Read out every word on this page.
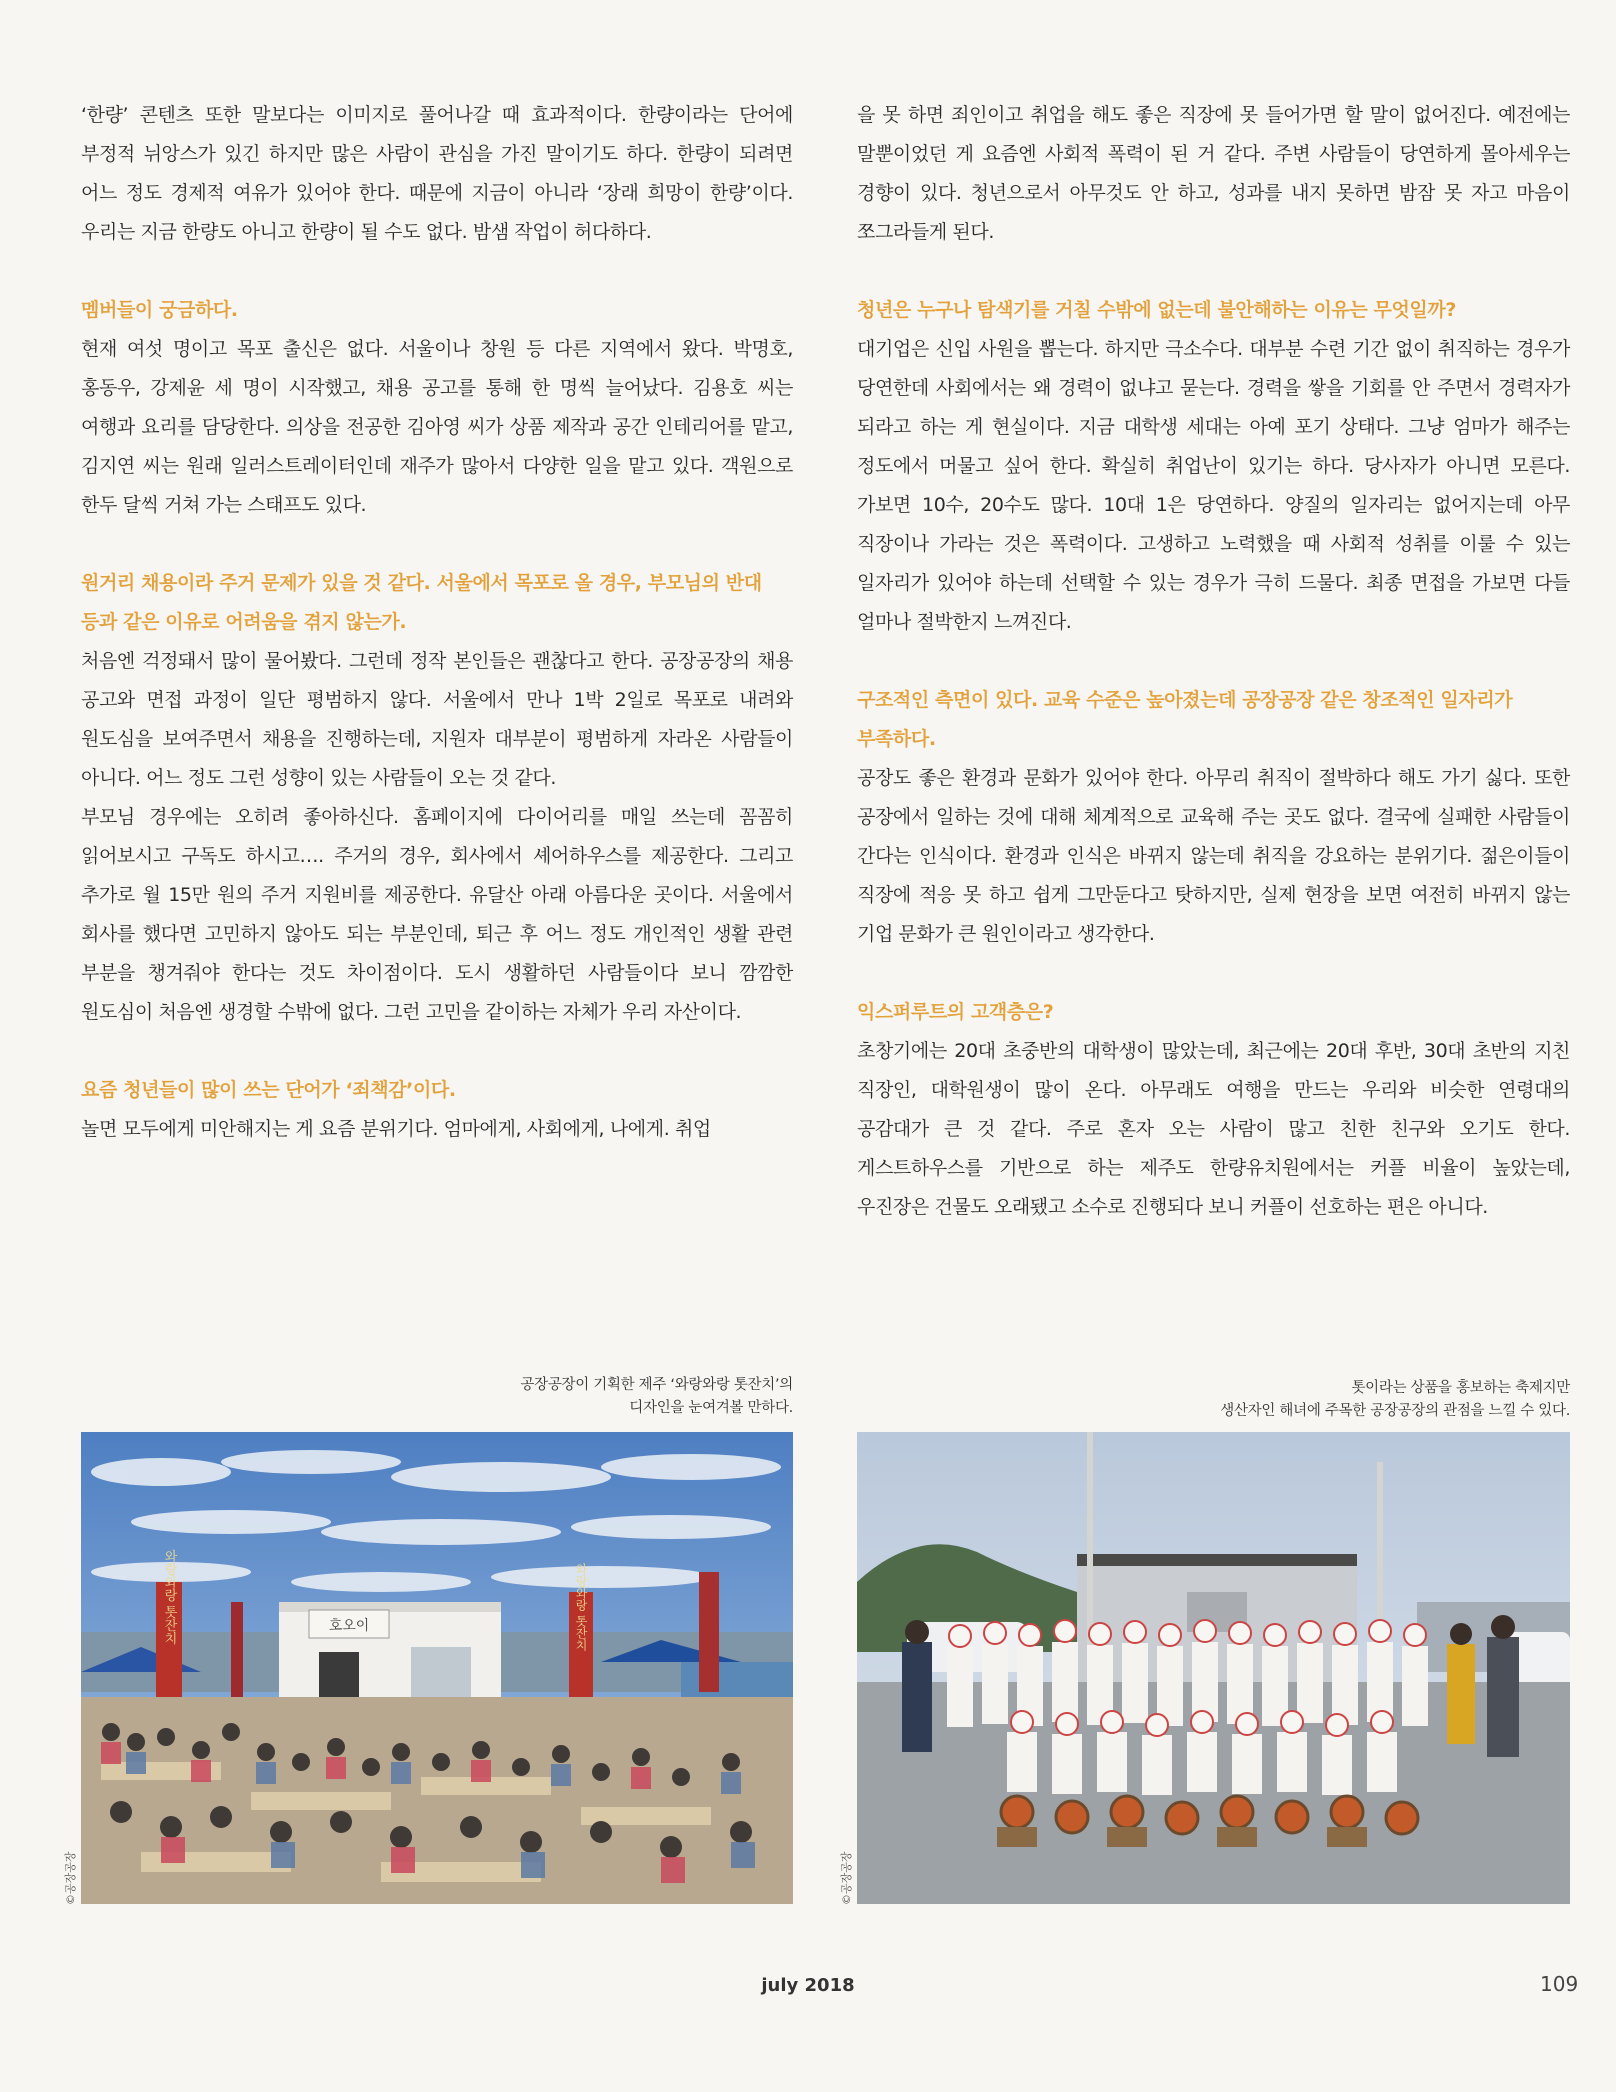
‘한량’ 콘텐츠 또한 말보다는 이미지로 풀어나갈 때 효과적이다. 한량이라는 단어에 부정적 뉘앙스가 있긴 하지만 많은 사람이 관심을 가진 말이기도 하다. 한량이 되려면 어느 정도 경제적 여유가 있어야 한다. 때문에 지금이 아니라 ‘장래 희망이 한량’이다. 우리는 지금 한량도 아니고 한량이 될 수도 없다. 밤샘 작업이 허다하다.

멤버들이 궁금하다.

현재 여섯 명이고 목포 출신은 없다. 서울이나 창원 등 다른 지역에서 왔다. 박명호, 홍동우, 강제윤 세 명이 시작했고, 채용 공고를 통해 한 명씩 늘어났다. 김용호 씨는 여행과 요리를 담당한다. 의상을 전공한 김아영 씨가 상품 제작과 공간 인테리어를 맡고, 김지연 씨는 원래 일러스트레이터인데 재주가 많아서 다양한 일을 맡고 있다. 객원으로 한두 달씩 거쳐 가는 스태프도 있다.

원거리 채용이라 주거 문제가 있을 것 같다. 서울에서 목포로 올 경우, 부모님의 반대 등과 같은 이유로 어려움을 겪지 않는가.

처음엔 걱정돼서 많이 물어봤다. 그런데 정작 본인들은 괜찮다고 한다. 공장공장의 채용 공고와 면접 과정이 일단 평범하지 않다. 서울에서 만나 1박 2일로 목포로 내려와 원도심을 보여주면서 채용을 진행하는데, 지원자 대부분이 평범하게 자라온 사람들이 아니다. 어느 정도 그런 성향이 있는 사람들이 오는 것 같다.

부모님 경우에는 오히려 좋아하신다. 홈페이지에 다이어리를 매일 쓰는데 꼼꼼히 읽어보시고 구독도 하시고…. 주거의 경우, 회사에서 셰어하우스를 제공한다. 그리고 추가로 월 15만 원의 주거 지원비를 제공한다. 유달산 아래 아름다운 곳이다. 서울에서 회사를 했다면 고민하지 않아도 되는 부분인데, 퇴근 후 어느 정도 개인적인 생활 관련 부분을 챙겨줘야 한다는 것도 차이점이다. 도시 생활하던 사람들이다 보니 깜깜한 원도심이 처음엔 생경할 수밖에 없다. 그런 고민을 같이하는 자체가 우리 자산이다.

요즘 청년들이 많이 쓰는 단어가 ‘죄책감’이다.

놀면 모두에게 미안해지는 게 요즘 분위기다. 엄마에게, 사회에게, 나에게. 취업

을 못 하면 죄인이고 취업을 해도 좋은 직장에 못 들어가면 할 말이 없어진다. 예전에는 말뿐이었던 게 요즘엔 사회적 폭력이 된 거 같다. 주변 사람들이 당연하게 몰아세우는 경향이 있다. 청년으로서 아무것도 안 하고, 성과를 내지 못하면 밤잠 못 자고 마음이 쪼그라들게 된다.

청년은 누구나 탐색기를 거칠 수밖에 없는데 불안해하는 이유는 무엇일까?

대기업은 신입 사원을 뽑는다. 하지만 극소수다. 대부분 수련 기간 없이 취직하는 경우가 당연한데 사회에서는 왜 경력이 없냐고 묻는다. 경력을 쌓을 기회를 안 주면서 경력자가 되라고 하는 게 현실이다. 지금 대학생 세대는 아예 포기 상태다. 그냥 엄마가 해주는 정도에서 머물고 싶어 한다. 확실히 취업난이 있기는 하다. 당사자가 아니면 모른다. 가보면 10수, 20수도 많다. 10대 1은 당연하다. 양질의 일자리는 없어지는데 아무 직장이나 가라는 것은 폭력이다. 고생하고 노력했을 때 사회적 성취를 이룰 수 있는 일자리가 있어야 하는데 선택할 수 있는 경우가 극히 드물다. 최종 면접을 가보면 다들 얼마나 절박한지 느껴진다.

구조적인 측면이 있다. 교육 수준은 높아졌는데 공장공장 같은 창조적인 일자리가 부족하다.

공장도 좋은 환경과 문화가 있어야 한다. 아무리 취직이 절박하다 해도 가기 싫다. 또한 공장에서 일하는 것에 대해 체계적으로 교육해 주는 곳도 없다. 결국에 실패한 사람들이 간다는 인식이다. 환경과 인식은 바뀌지 않는데 취직을 강요하는 분위기다. 젊은이들이 직장에 적응 못 하고 쉽게 그만둔다고 탓하지만, 실제 현장을 보면 여전히 바뀌지 않는 기업 문화가 큰 원인이라고 생각한다.

익스퍼루트의 고객층은?

초창기에는 20대 초중반의 대학생이 많았는데, 최근에는 20대 후반, 30대 초반의 지친 직장인, 대학원생이 많이 온다. 아무래도 여행을 만드는 우리와 비슷한 연령대의 공감대가 큰 것 같다. 주로 혼자 오는 사람이 많고 친한 친구와 오기도 한다. 게스트하우스를 기반으로 하는 제주도 한량유치원에서는 커플 비율이 높았는데, 우진장은 건물도 오래됐고 소수로 진행되다 보니 커플이 선호하는 편은 아니다.

공장공장이 기획한 제주 ‘와랑와랑 톳잔치’의
디자인을 눈여겨볼 만하다.
톳이라는 상품을 홍보하는 축제지만
생산자인 해녀에 주목한 공장공장의 관점을 느낄 수 있다.
호오이
와랑와랑 톳잔치	와랑와랑 톳잔치
©공장공장	©공장공장
july 2018	109
